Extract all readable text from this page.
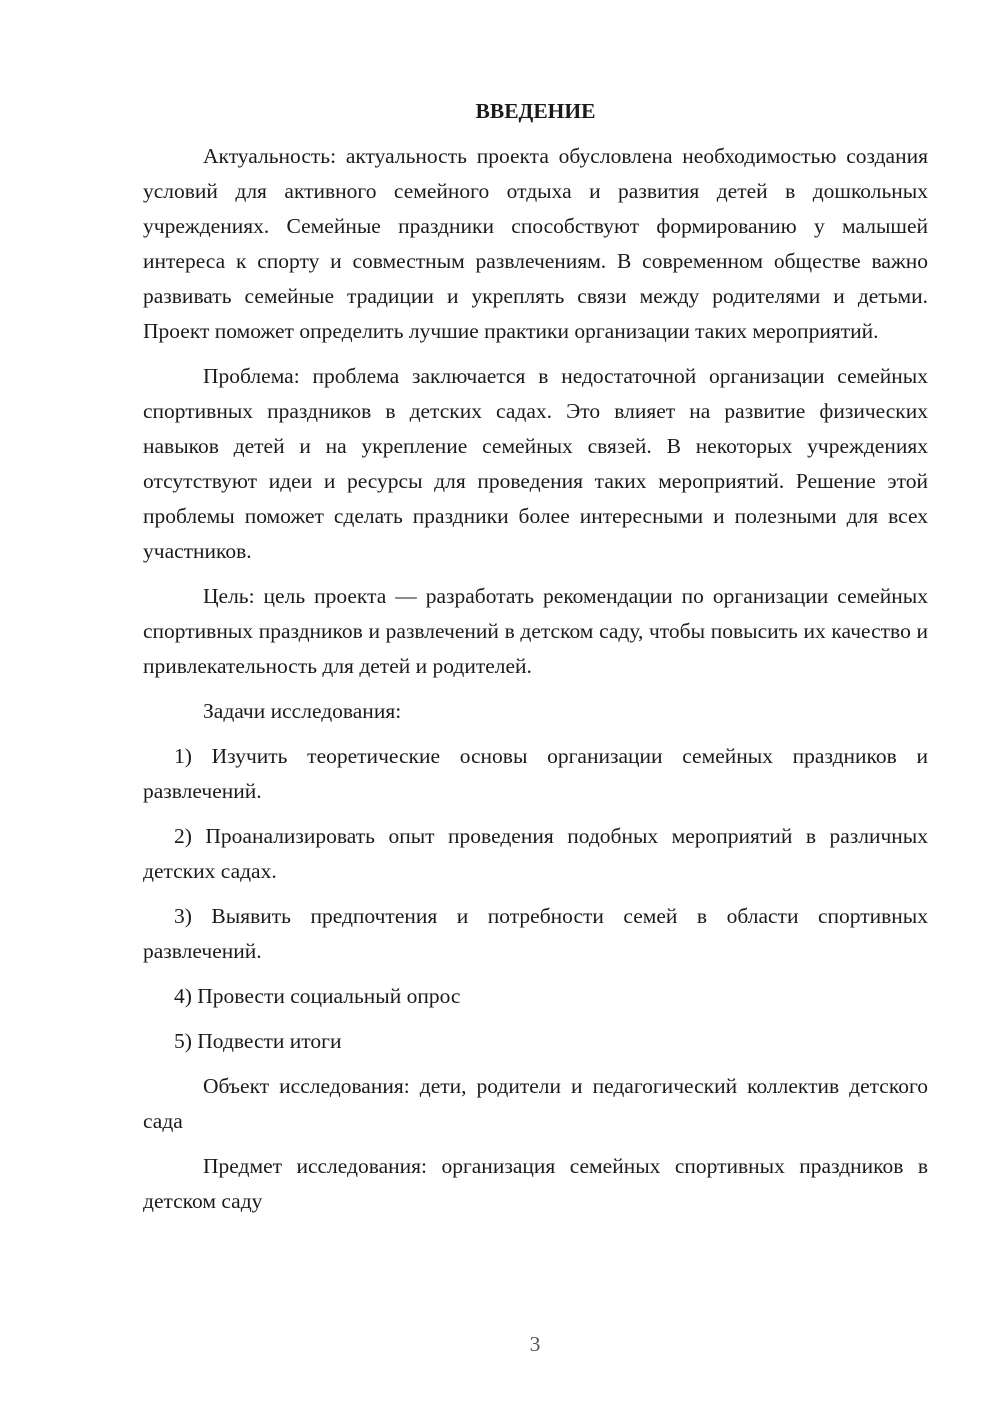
ВВЕДЕНИЕ

Актуальность: актуальность проекта обусловлена необходимостью создания условий для активного семейного отдыха и развития детей в дошкольных учреждениях. Семейные праздники способствуют формированию у малышей интереса к спорту и совместным развлечениям. В современном обществе важно развивать семейные традиции и укреплять связи между родителями и детьми. Проект поможет определить лучшие практики организации таких мероприятий.

Проблема: проблема заключается в недостаточной организации семейных спортивных праздников в детских садах. Это влияет на развитие физических навыков детей и на укрепление семейных связей. В некоторых учреждениях отсутствуют идеи и ресурсы для проведения таких мероприятий. Решение этой проблемы поможет сделать праздники более интересными и полезными для всех участников.

Цель: цель проекта — разработать рекомендации по организации семейных спортивных праздников и развлечений в детском саду, чтобы повысить их качество и привлекательность для детей и родителей.

Задачи исследования:

1) Изучить теоретические основы организации семейных праздников и развлечений.

2) Проанализировать опыт проведения подобных мероприятий в различных детских садах.

3) Выявить предпочтения и потребности семей в области спортивных развлечений.

4) Провести социальный опрос

5) Подвести итоги

Объект исследования: дети, родители и педагогический коллектив детского сада

Предмет исследования: организация семейных спортивных праздников в детском саду

3
